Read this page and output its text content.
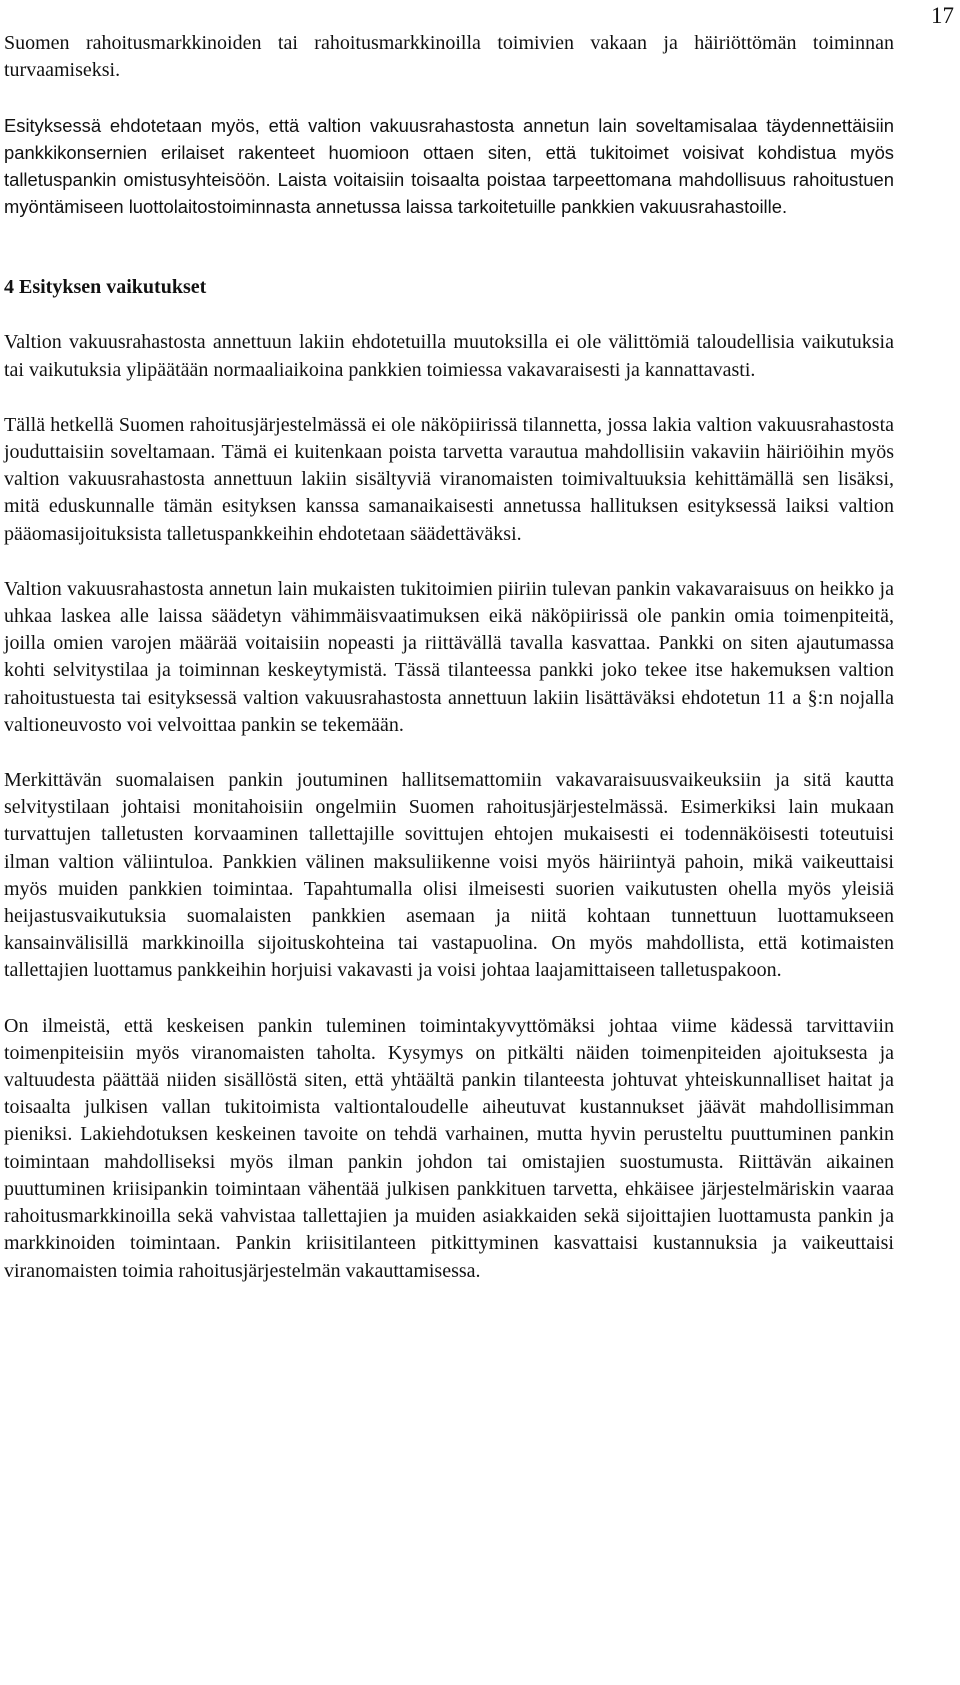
17

Suomen rahoitusmarkkinoiden tai rahoitusmarkkinoilla toimivien vakaan ja häiriöttömän toiminnan turvaamiseksi.

Esityksessä ehdotetaan myös, että valtion vakuusrahastosta annetun lain soveltamisalaa täydennettäisiin pankkikonsernien erilaiset rakenteet huomioon ottaen siten, että tukitoimet voisivat kohdistua myös talletuspankin omistusyhteisöön. Laista voitaisiin toisaalta poistaa tarpeettomana mahdollisuus rahoitustuen myöntämiseen luottolaitostoiminnasta annetussa laissa tarkoitetuille pankkien vakuusrahastoille.

4 Esityksen vaikutukset

Valtion vakuusrahastosta annettuun lakiin ehdotetuilla muutoksilla ei ole välittömiä taloudellisia vaikutuksia tai vaikutuksia ylipäätään normaaliaikoina pankkien toimiessa vakavaraisesti ja kannattavasti.

Tällä hetkellä Suomen rahoitusjärjestelmässä ei ole näköpiirissä tilannetta, jossa lakia valtion vakuusrahastosta jouduttaisiin soveltamaan. Tämä ei kuitenkaan poista tarvetta varautua mahdollisiin vakaviin häiriöihin myös valtion vakuusrahastosta annettuun lakiin sisältyviä viranomaisten toimivaltuuksia kehittämällä sen lisäksi, mitä eduskunnalle tämän esityksen kanssa samanaikaisesti annetussa hallituksen esityksessä laiksi valtion pääomasijoituksista talletuspankkeihin ehdotetaan säädettäväksi.

Valtion vakuusrahastosta annetun lain mukaisten tukitoimien piiriin tulevan pankin vakavaraisuus on heikko ja uhkaa laskea alle laissa säädetyn vähimmäisvaatimuksen eikä näköpiirissä ole pankin omia toimenpiteitä, joilla omien varojen määrää voitaisiin nopeasti ja riittävällä tavalla kasvattaa. Pankki on siten ajautumassa kohti selvitystilaa ja toiminnan keskeytymistä. Tässä tilanteessa pankki joko tekee itse hakemuksen valtion rahoitustuesta tai esityksessä valtion vakuusrahastosta annettuun lakiin lisättäväksi ehdotetun 11 a §:n nojalla valtioneuvosto voi velvoittaa pankin se tekemään.

Merkittävän suomalaisen pankin joutuminen hallitsemattomiin vakavaraisuusvaikeuksiin ja sitä kautta selvitystilaan johtaisi monitahoisiin ongelmiin Suomen rahoitusjärjestelmässä. Esimerkiksi lain mukaan turvattujen talletusten korvaaminen tallettajille sovittujen ehtojen mukaisesti ei todennäköisesti toteutuisi ilman valtion väliintuloa. Pankkien välinen maksuliikenne voisi myös häiriintyä pahoin, mikä vaikeuttaisi myös muiden pankkien toimintaa. Tapahtumalla olisi ilmeisesti suorien vaikutusten ohella myös yleisiä heijastusvaikutuksia suomalaisten pankkien asemaan ja niitä kohtaan tunnettuun luottamukseen kansainvälisillä markkinoilla sijoituskohteina tai vastapuolina. On myös mahdollista, että kotimaisten tallettajien luottamus pankkeihin horjuisi vakavasti ja voisi johtaa laajamittaiseen talletuspakoon.

On ilmeistä, että keskeisen pankin tuleminen toimintakyvyttömäksi johtaa viime kädessä tarvittaviin toimenpiteisiin myös viranomaisten taholta. Kysymys on pitkälti näiden toimenpiteiden ajoituksesta ja valtuudesta päättää niiden sisällöstä siten, että yhtäältä pankin tilanteesta johtuvat yhteiskunnalliset haitat ja toisaalta julkisen vallan tukitoimista valtiontaloudelle aiheutuvat kustannukset jäävät mahdollisimman pieniksi. Lakiehdotuksen keskeinen tavoite on tehdä varhainen, mutta hyvin perusteltu puuttuminen pankin toimintaan mahdolliseksi myös ilman pankin johdon tai omistajien suostumusta. Riittävän aikainen puuttuminen kriisipankin toimintaan vähentää julkisen pankkituen tarvetta, ehkäisee järjestelmäriskin vaaraa rahoitusmarkkinoilla sekä vahvistaa tallettajien ja muiden asiakkaiden sekä sijoittajien luottamusta pankin ja markkinoiden toimintaan. Pankin kriisitilanteen pitkittyminen kasvattaisi kustannuksia ja vaikeuttaisi viranomaisten toimia rahoitusjärjestelmän vakauttamisessa.
